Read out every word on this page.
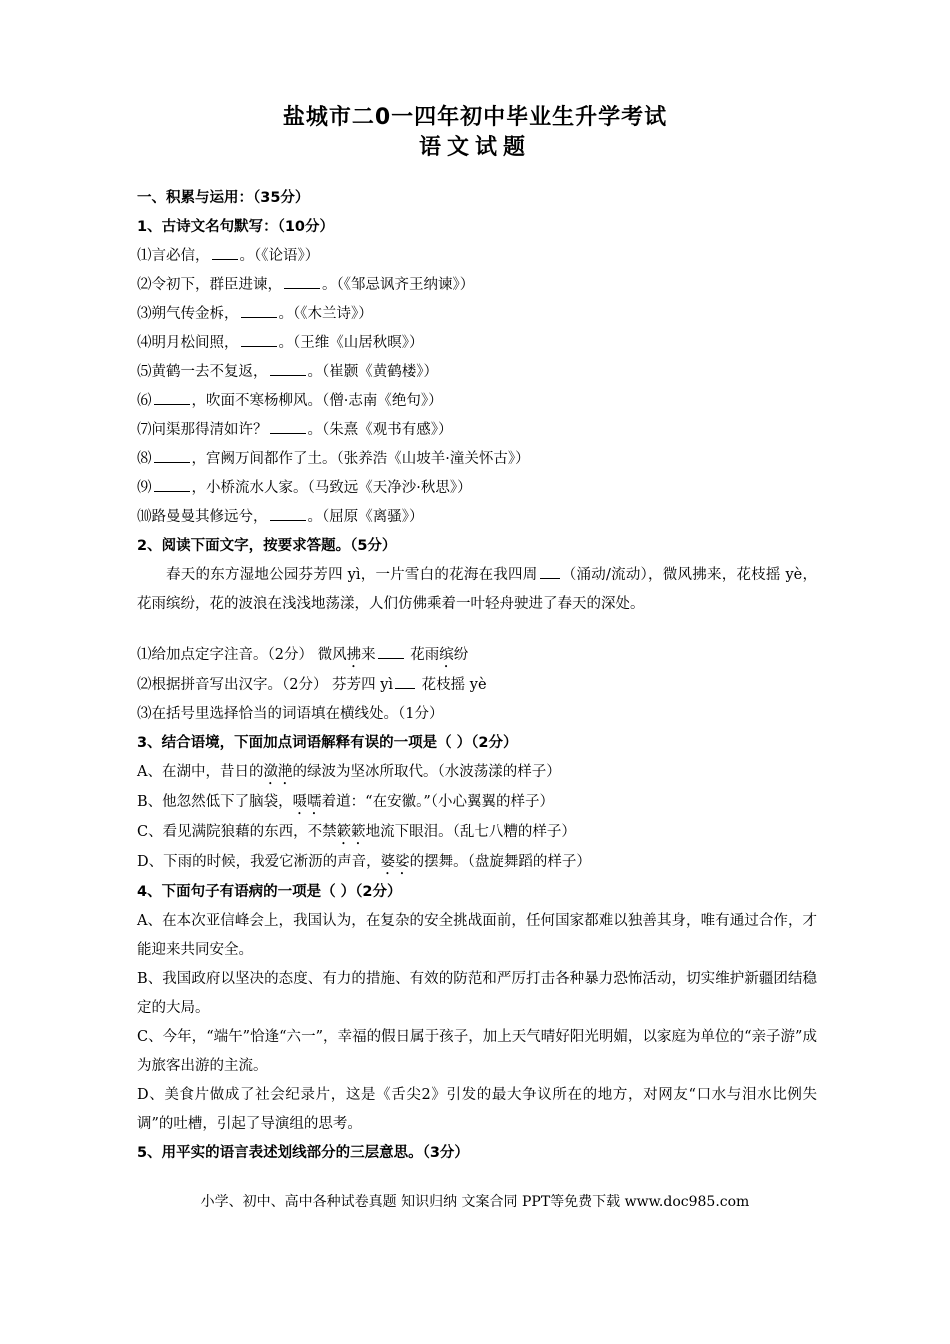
盐城市二0一四年初中毕业生升学考试
语文试题
一、积累与运用：（35分）
1、古诗文名句默写：（10分）
⑴言必信， 。（《论语》）
⑵令初下，群臣进谏，	。（《邹忌讽齐王纳谏》）
⑶朔气传金柝，	。（《木兰诗》）
⑷明月松间照，	。（王维《山居秋暝》）
⑸黄鹤一去不复返，	。（崔颢《黄鹤楼》）
⑹	，吹面不寒杨柳风。（僧·志南《绝句》）
⑺问渠那得清如许？	。（朱熹《观书有感》）
⑻	，宫阙万间都作了土。（张养浩《山坡羊·潼关怀古》）
⑼	，小桥流水人家。（马致远《天净沙·秋思》）
⑽路曼曼其修远兮，	。（屈原《离骚》）
2、阅读下面文字，按要求答题。（5分）
春天的东方湿地公园芬芳四 yì，一片雪白的花海在我四周 （涌动/流动），微风拂来，花枝摇 yè，花雨缤纷，花的波浪在浅浅地荡漾，人们仿佛乘着一叶轻舟驶进了春天的深处。
⑴给加点定字注音。（2分） 微风拂来 花雨缤纷
⑵根据拼音写出汉字。（2分） 芬芳四 yì 花枝摇 yè
⑶在括号里选择恰当的词语填在横线处。（1分）
3、结合语境，下面加点词语解释有误的一项是（ ）（2分）
A、在湖中，昔日的潋滟的绿波为坚冰所取代。（水波荡漾的样子）
B、他忽然低下了脑袋，嗫嚅着道：“在安徽。”（小心翼翼的样子）
C、看见满院狼藉的东西，不禁簌簌地流下眼泪。（乱七八糟的样子）
D、下雨的时候，我爱它淅沥的声音，婆娑的摆舞。（盘旋舞蹈的样子）
4、下面句子有语病的一项是（ ）（2分）
A、在本次亚信峰会上，我国认为，在复杂的安全挑战面前，任何国家都难以独善其身，唯有通过合作，才能迎来共同安全。
B、我国政府以坚决的态度、有力的措施、有效的防范和严厉打击各种暴力恐怖活动，切实维护新疆团结稳定的大局。
C、今年，“端午”恰逢“六一”，幸福的假日属于孩子，加上天气晴好阳光明媚，以家庭为单位的“亲子游”成为旅客出游的主流。
D、美食片做成了社会纪录片，这是《舌尖2》引发的最大争议所在的地方，对网友“口水与泪水比例失调”的吐槽，引起了导演组的思考。
5、用平实的语言表述划线部分的三层意思。（3分）
小学、初中、高中各种试卷真题 知识归纳 文案合同 PPT等免费下载 www.doc985.com
